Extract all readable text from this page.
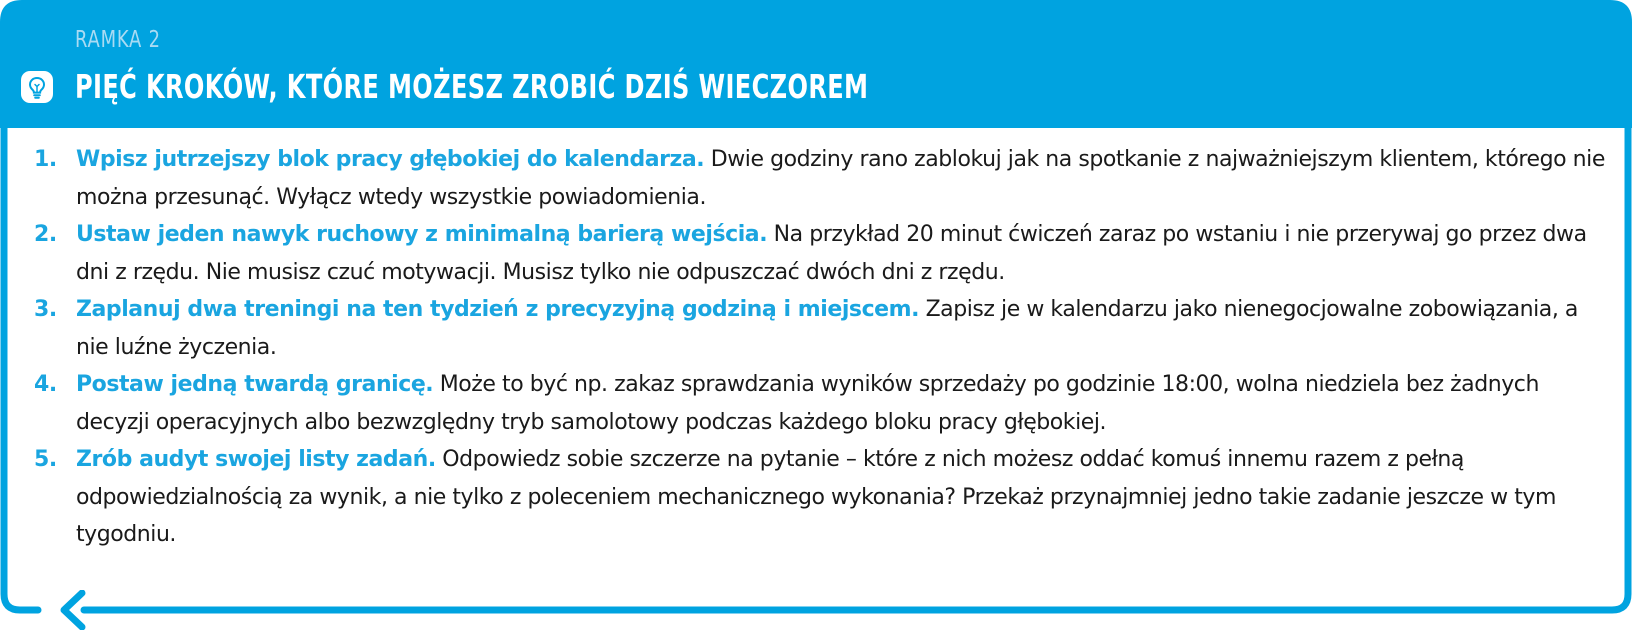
RAMKA 2
PIĘĆ KROKÓW, KTÓRE MOŻESZ ZROBIĆ DZIŚ WIECZOREM
1. Wpisz jutrzejszy blok pracy głębokiej do kalendarza. Dwie godziny rano zablokuj jak na spotkanie z najważniejszym klientem, którego nie można przesunąć. Wyłącz wtedy wszystkie powiadomienia.
2. Ustaw jeden nawyk ruchowy z minimalną barierą wejścia. Na przykład 20 minut ćwiczeń zaraz po wstaniu i nie przerywaj go przez dwa dni z rzędu. Nie musisz czuć motywacji. Musisz tylko nie odpuszczać dwóch dni z rzędu.
3. Zaplanuj dwa treningi na ten tydzień z precyzyjną godziną i miejscem. Zapisz je w kalendarzu jako nienegocjowalne zobowiązania, a nie luźne życzenia.
4. Postaw jedną twardą granicę. Może to być np. zakaz sprawdzania wyników sprzedaży po godzinie 18:00, wolna niedziela bez żadnych decyzji operacyjnych albo bezwzględny tryb samolotowy podczas każdego bloku pracy głębokiej.
5. Zrób audyt swojej listy zadań. Odpowiedz sobie szczerze na pytanie – które z nich możesz oddać komuś innemu razem z pełną odpowiedzialnością za wynik, a nie tylko z poleceniem mechanicznego wykonania? Przekaż przynajmniej jedno takie zadanie jeszcze w tym tygodniu.
